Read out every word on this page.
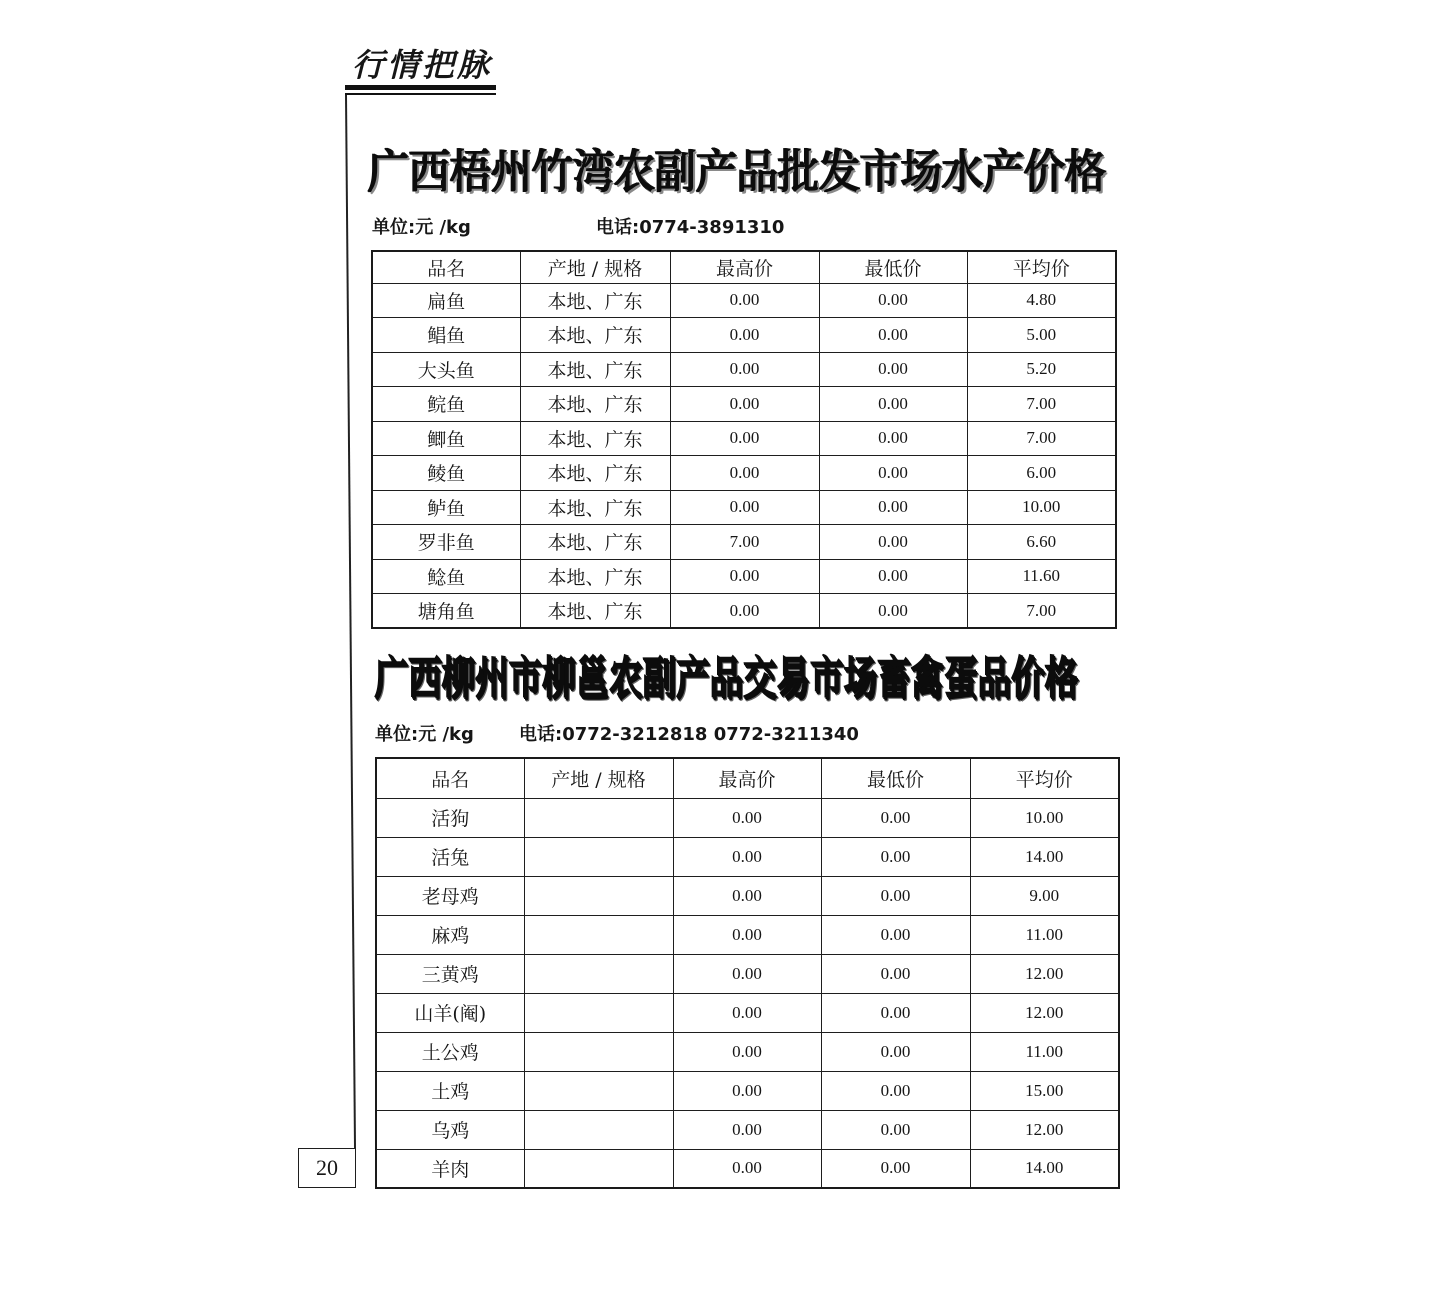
行情把脉
广西梧州竹湾农副产品批发市场水产价格
单位:元 /kg	电话:0774-3891310
品名	产地 / 规格	最高价	最低价	平均价
扁鱼	本地、广东	0.00	0.00	4.80
鲳鱼	本地、广东	0.00	0.00	5.00
大头鱼	本地、广东	0.00	0.00	5.20
鲩鱼	本地、广东	0.00	0.00	7.00
鲫鱼	本地、广东	0.00	0.00	7.00
鲮鱼	本地、广东	0.00	0.00	6.00
鲈鱼	本地、广东	0.00	0.00	10.00
罗非鱼	本地、广东	7.00	0.00	6.60
鲶鱼	本地、广东	0.00	0.00	11.60
塘角鱼	本地、广东	0.00	0.00	7.00
广西柳州市柳邕农副产品交易市场畜禽蛋品价格
单位:元 /kg	电话:0772-3212818 0772-3211340
品名	产地 / 规格	最高价	最低价	平均价
活狗		0.00	0.00	10.00
活兔		0.00	0.00	14.00
老母鸡		0.00	0.00	9.00
麻鸡		0.00	0.00	11.00
三黄鸡		0.00	0.00	12.00
山羊(阉)		0.00	0.00	12.00
土公鸡		0.00	0.00	11.00
土鸡		0.00	0.00	15.00
乌鸡		0.00	0.00	12.00
羊肉		0.00	0.00	14.00
20
